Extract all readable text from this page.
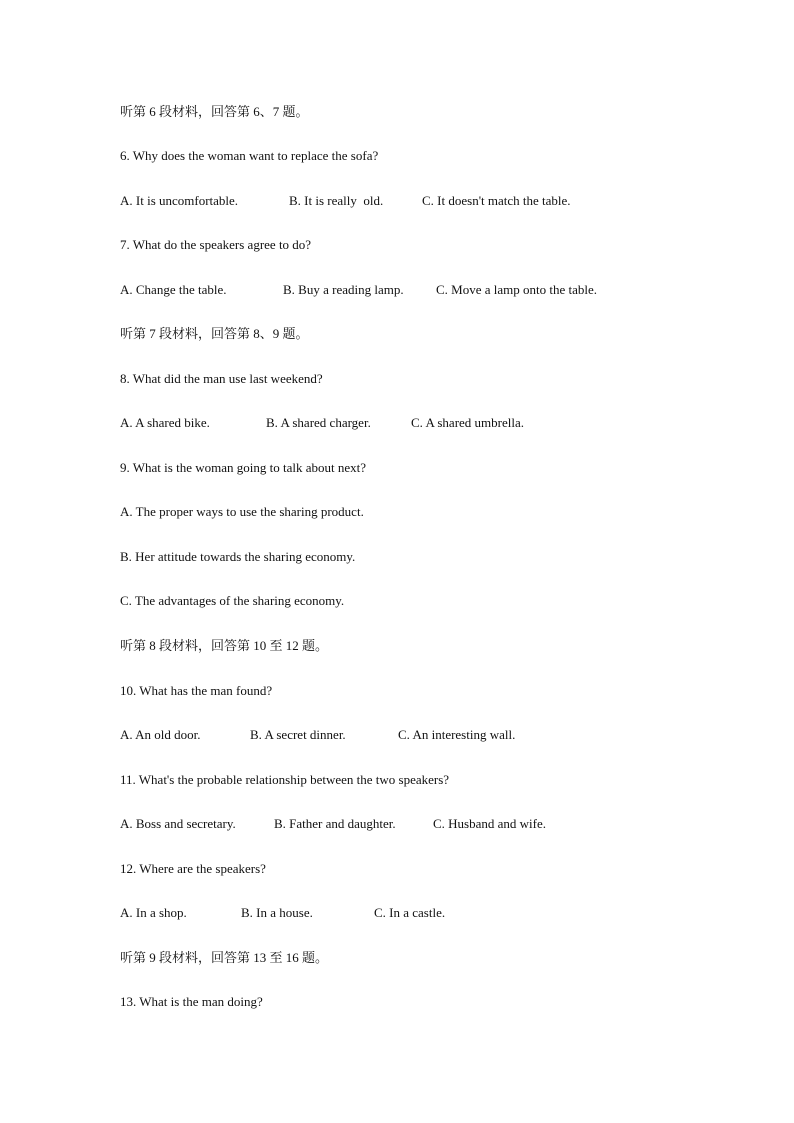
听第 6 段材料，回答第 6、7 题。
6. Why does the woman want to replace the sofa?
A. It is uncomfortable.	B. It is really  old.	C. It doesn't match the table.
7. What do the speakers agree to do?
A. Change the table.	B. Buy a reading lamp. C. Move a lamp onto the table.
听第 7 段材料，回答第 8、9 题。
8. What did the man use last weekend?
A. A shared bike.	B. A shared charger.	C. A shared umbrella.
9. What is the woman going to talk about next?
A. The proper ways to use the sharing product.
B. Her attitude towards the sharing economy.
C. The advantages of the sharing economy.
听第 8 段材料，回答第 10 至 12 题。
10. What has the man found?
A. An old door.	B. A secret dinner.	C. An interesting wall.
11. What's the probable relationship between the two speakers?
A. Boss and secretary.	B. Father and daughter.	C. Husband and wife.
12. Where are the speakers?
A. In a shop.	B. In a house.	C. In a castle.
听第 9 段材料，回答第 13 至 16 题。
13. What is the man doing?
